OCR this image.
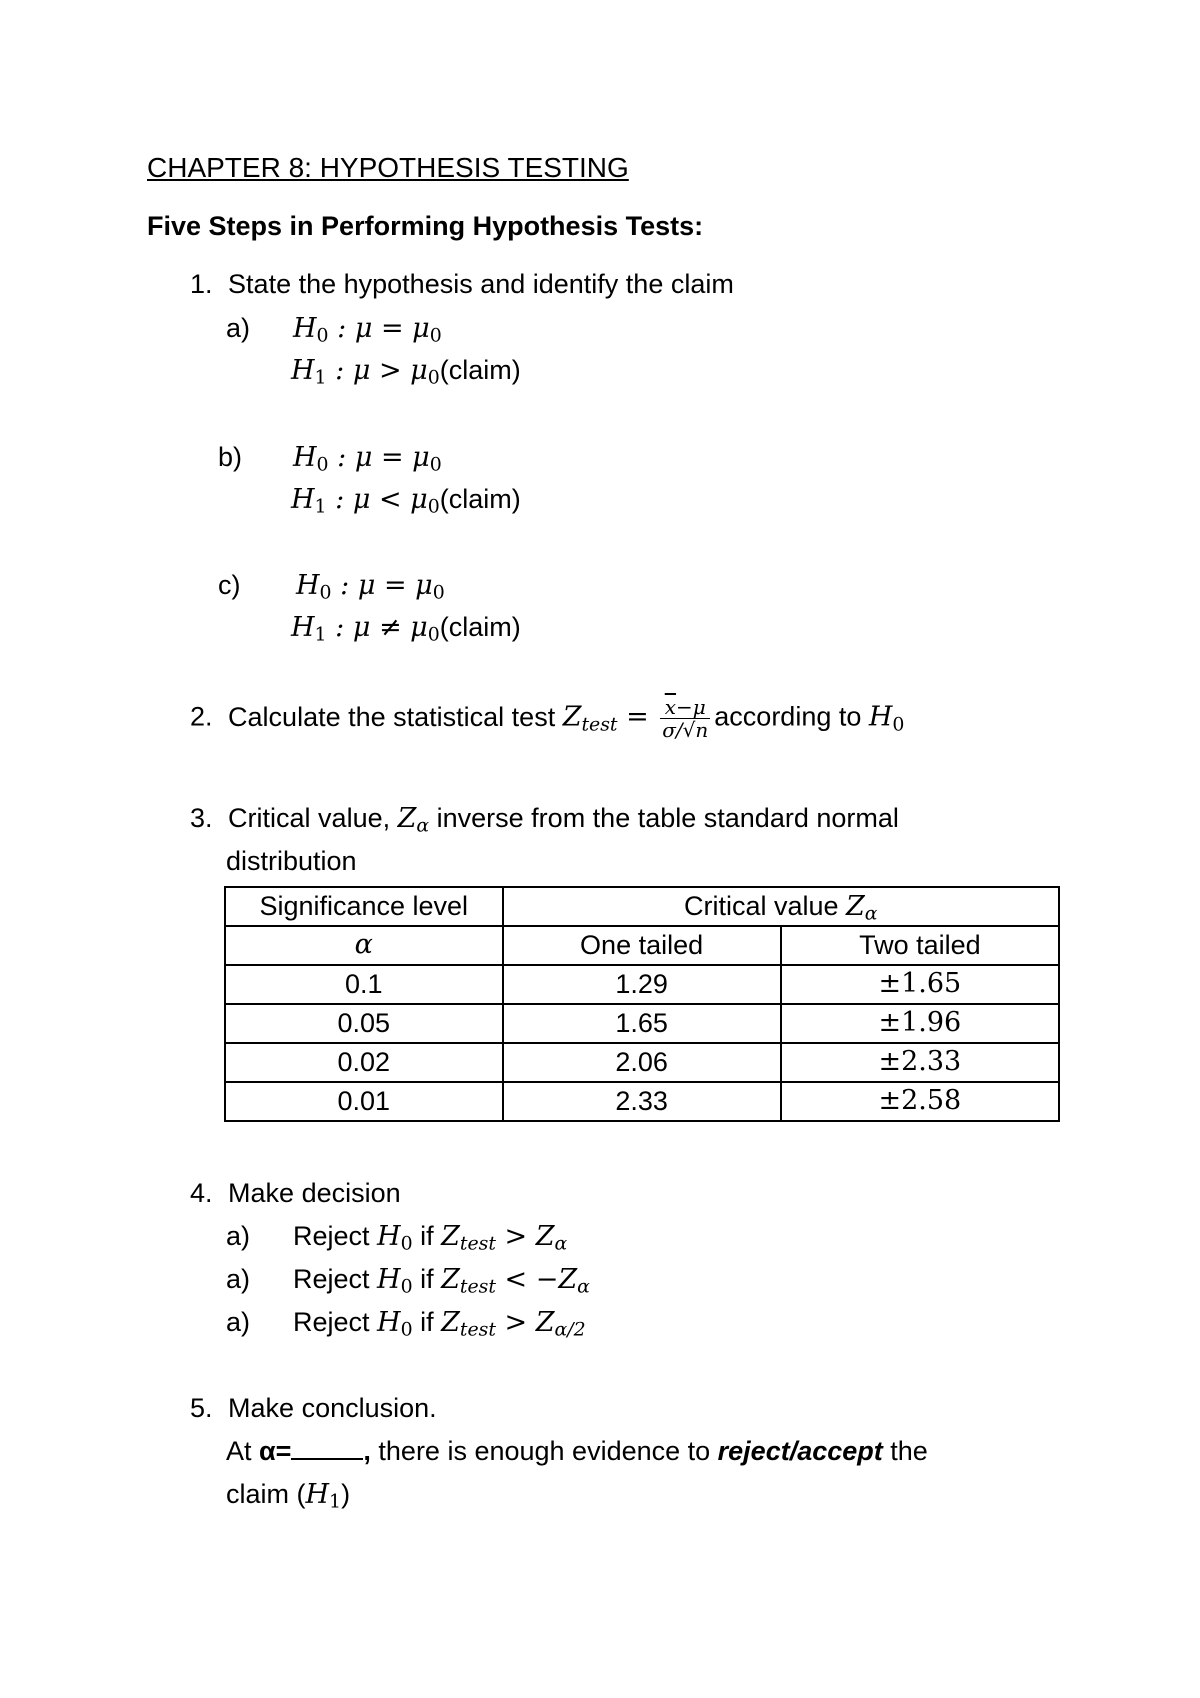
CHAPTER 8: HYPOTHESIS TESTING
Five Steps in Performing Hypothesis Tests:
1. State the hypothesis and identify the claim
a) $H_0$ : $\mu = \mu_0$
$H_1$ : $\mu > \mu_0(claim)$
b) $H_0$ : $\mu = \mu_0$
$H_1$ : $\mu < \mu_0(claim)$
c) $H_0$ : $\mu = \mu_0$
$H_1$ : $\mu \ne \mu_0(claim)$
2. Calculate the statistical test $Z_{test} = \frac{\overline{x}-\mu}{\sigma/√n}$ according to $H_0$
3. Critical value, $Z_\alpha$ inverse from the table standard normal
distribution
Significance level	Critical value $Z_\alpha$
α	One tailed	Two tailed
0.1	1.29	±1.65
0.05	1.65	±1.96
0.02	2.06	±2.33
0.01	2.33	±2.58
4. Make decision
a) Reject $H_0$ if $Z_{test} > Z_\alpha$
a) Reject $H_0$ if $Z_{test} < -Z_\alpha$
a) Reject $H_0$ if $Z_{test} > Z_{\alpha/2}$
5. Make conclusion.
At α=	, there is enough evidence to reject/accept the
claim $(H_1)$
